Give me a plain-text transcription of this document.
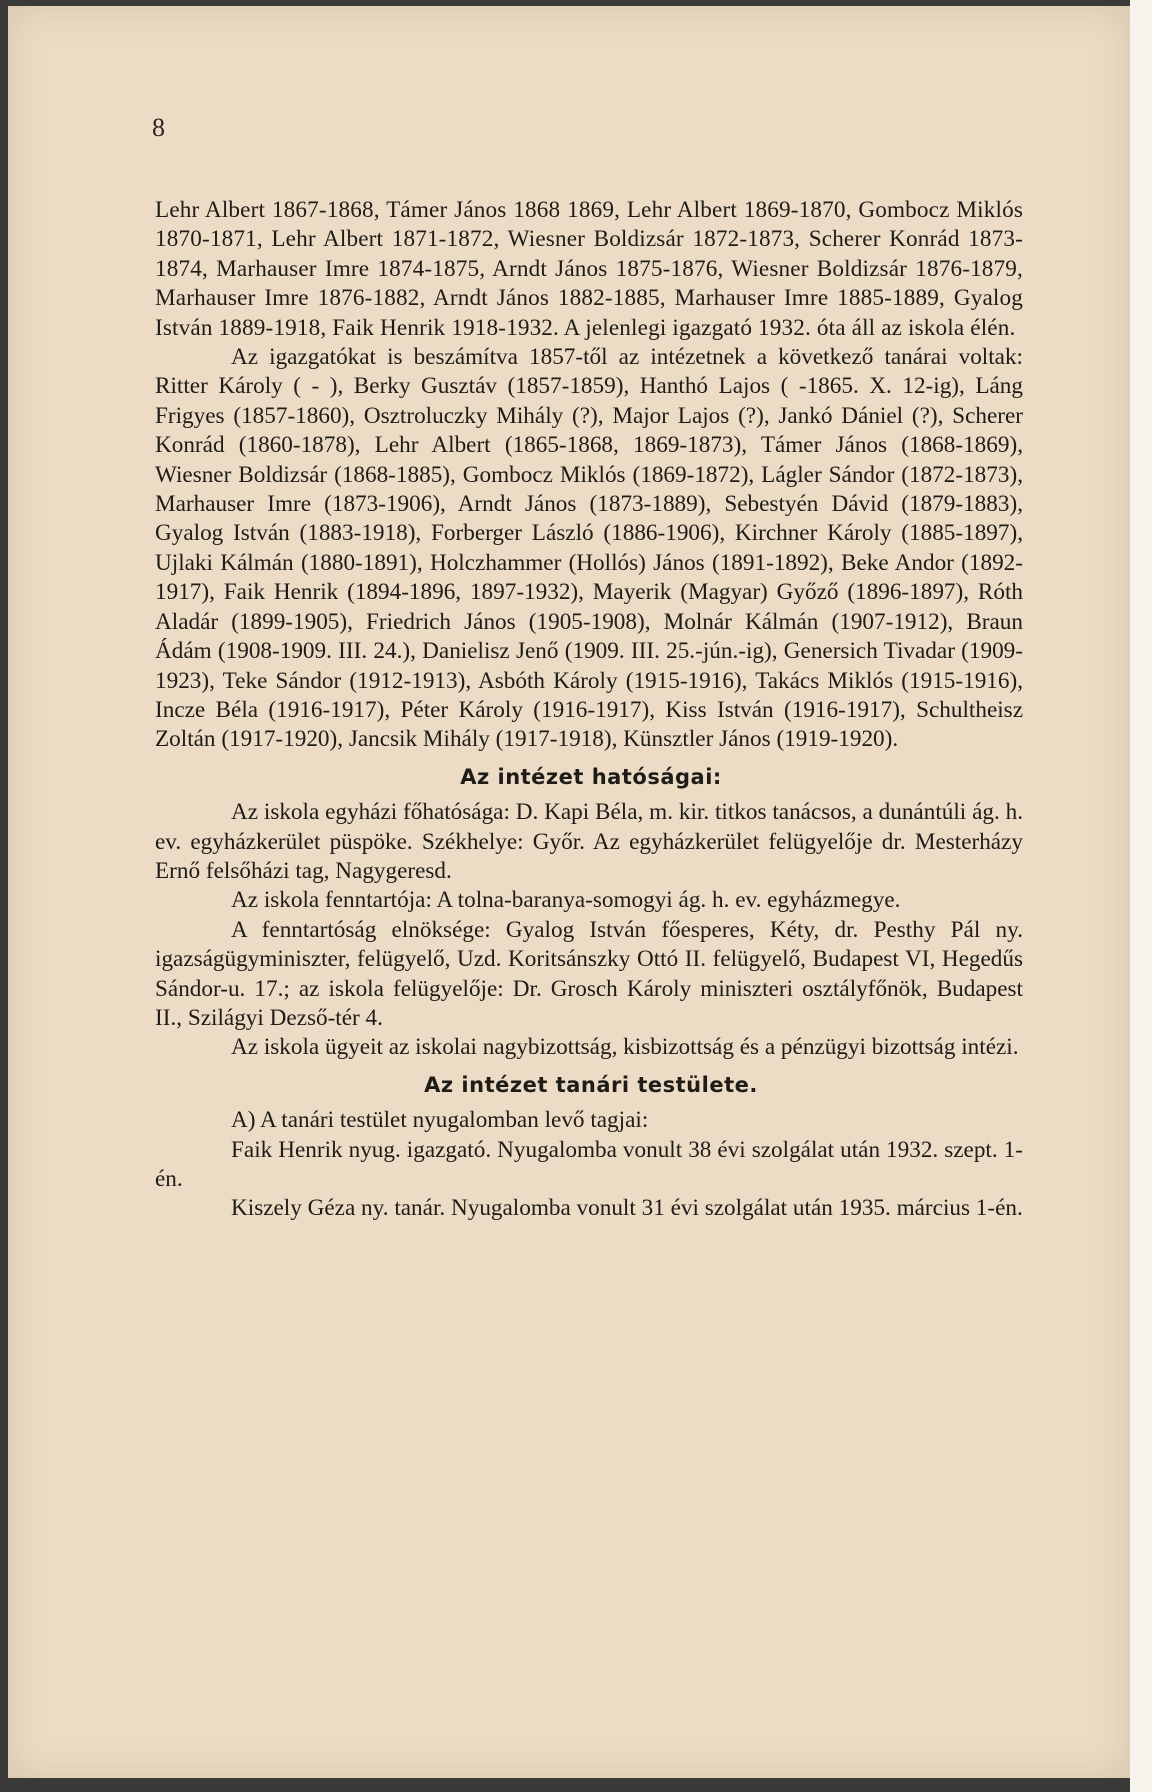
8

Lehr Albert 1867-1868, Támer János 1868 1869, Lehr Albert 1869-1870, Gombocz Miklós 1870-1871, Lehr Albert 1871-1872, Wiesner Boldizsár 1872-1873, Scherer Konrád 1873-1874, Marhauser Imre 1874-1875, Arndt János 1875-1876, Wiesner Boldizsár 1876-1879, Marhauser Imre 1876-1882, Arndt János 1882-1885, Marhauser Imre 1885-1889, Gyalog István 1889-1918, Faik Henrik 1918-1932. A jelenlegi igazgató 1932. óta áll az iskola élén.

Az igazgatókat is beszámítva 1857-től az intézetnek a következő tanárai voltak: Ritter Károly ( - ), Berky Gusztáv (1857-1859), Hanthó Lajos ( -1865. X. 12-ig), Láng Frigyes (1857-1860), Osztroluczky Mihály (?), Major Lajos (?), Jankó Dániel (?), Scherer Konrád (1860-1878), Lehr Albert (1865-1868, 1869-1873), Támer János (1868-1869), Wiesner Boldizsár (1868-1885), Gombocz Miklós (1869-1872), Lágler Sándor (1872-1873), Marhauser Imre (1873-1906), Arndt János (1873-1889), Sebestyén Dávid (1879-1883), Gyalog István (1883-1918), Forberger László (1886-1906), Kirchner Károly (1885-1897), Ujlaki Kálmán (1880-1891), Holczhammer (Hollós) János (1891-1892), Beke Andor (1892-1917), Faik Henrik (1894-1896, 1897-1932), Mayerik (Magyar) Győző (1896-1897), Róth Aladár (1899-1905), Friedrich János (1905-1908), Molnár Kálmán (1907-1912), Braun Ádám (1908-1909. III. 24.), Danielisz Jenő (1909. III. 25.-jún.-ig), Genersich Tivadar (1909-1923), Teke Sándor (1912-1913), Asbóth Károly (1915-1916), Takács Miklós (1915-1916), Incze Béla (1916-1917), Péter Károly (1916-1917), Kiss István (1916-1917), Schultheisz Zoltán (1917-1920), Jancsik Mihály (1917-1918), Künsztler János (1919-1920).

Az intézet hatóságai:

Az iskola egyházi főhatósága: D. Kapi Béla, m. kir. titkos tanácsos, a dunántúli ág. h. ev. egyházkerület püspöke. Székhelye: Győr. Az egyházkerület felügyelője dr. Mesterházy Ernő felsőházi tag, Nagygeresd.

Az iskola fenntartója: A tolna-baranya-somogyi ág. h. ev. egyházmegye.

A fenntartóság elnöksége: Gyalog István főesperes, Kéty, dr. Pesthy Pál ny. igazságügyminiszter, felügyelő, Uzd. Koritsánszky Ottó II. felügyelő, Budapest VI, Hegedűs Sándor-u. 17.; az iskola felügyelője: Dr. Grosch Károly miniszteri osztályfőnök, Budapest II., Szilágyi Dezső-tér 4.

Az iskola ügyeit az iskolai nagybizottság, kisbizottság és a pénzügyi bizottság intézi.

Az intézet tanári testülete.

A) A tanári testület nyugalomban levő tagjai:

Faik Henrik nyug. igazgató. Nyugalomba vonult 38 évi szolgálat után 1932. szept. 1-én.

Kiszely Géza ny. tanár. Nyugalomba vonult 31 évi szolgálat után 1935. március 1-én.
